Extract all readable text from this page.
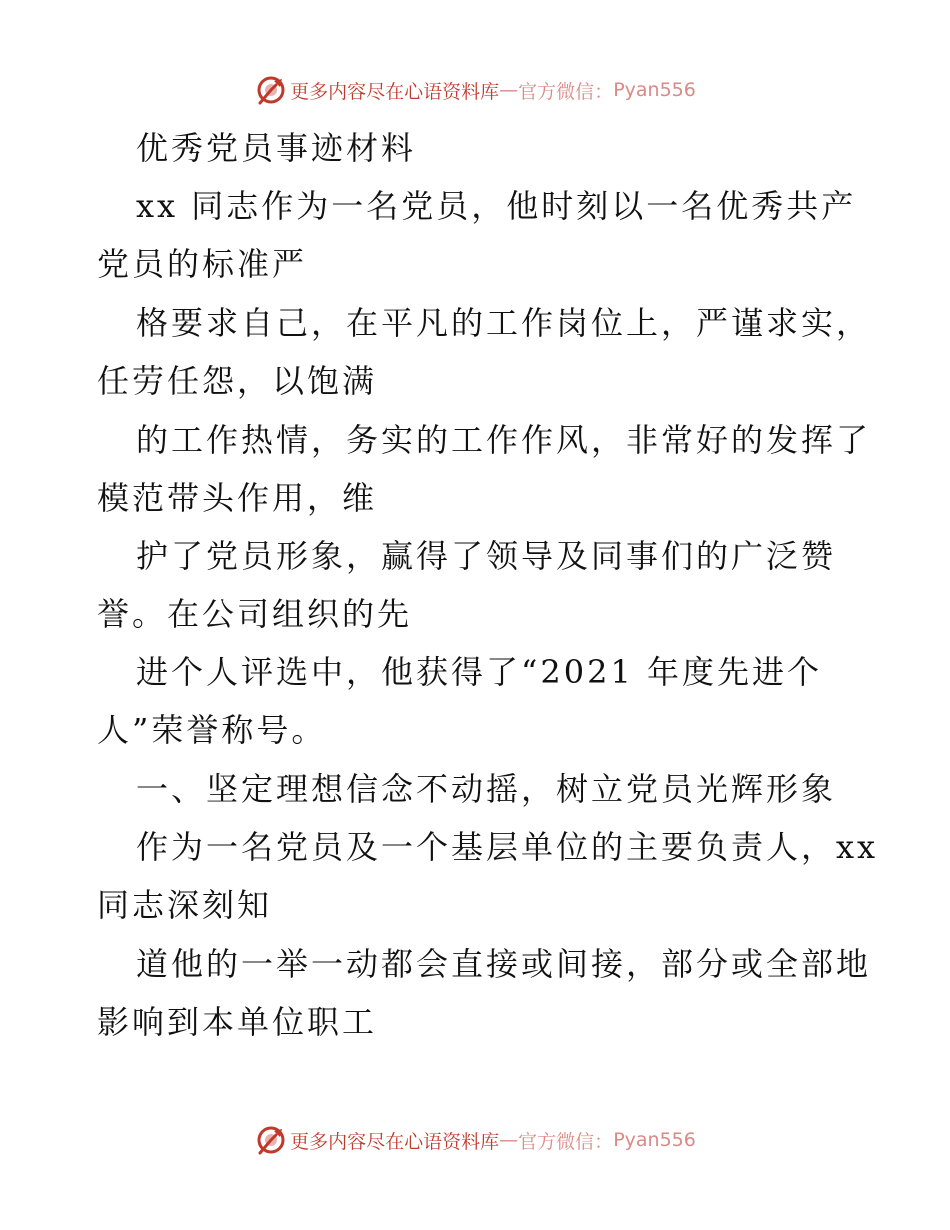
更多内容尽在心语资料库 — 官方微信： Pyan556
优秀党员事迹材料
xx 同志作为一名党员，他时刻以一名优秀共产
党员的标准严
格要求自己，在平凡的工作岗位上，严谨求实，
任劳任怨，以饱满
的工作热情，务实的工作作风，非常好的发挥了
模范带头作用，维
护了党员形象，赢得了领导及同事们的广泛赞
誉。在公司组织的先
进个人评选中，他获得了“2021 年度先进个
人”荣誉称号。
一、坚定理想信念不动摇，树立党员光辉形象
作为一名党员及一个基层单位的主要负责人，xx
同志深刻知
道他的一举一动都会直接或间接，部分或全部地
影响到本单位职工
更多内容尽在心语资料库 — 官方微信： Pyan556
